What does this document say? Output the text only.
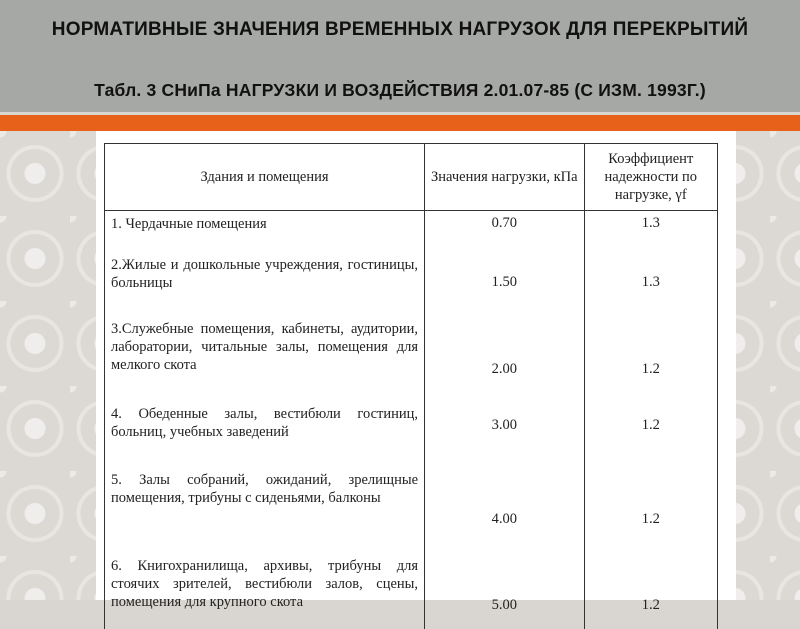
НОРМАТИВНЫЕ ЗНАЧЕНИЯ ВРЕМЕННЫХ НАГРУЗОК ДЛЯ ПЕРЕКРЫТИЙ
Табл. 3 СНиПа НАГРУЗКИ И ВОЗДЕЙСТВИЯ 2.01.07-85 (С ИЗМ. 1993Г.)
Здания и помещения	Значения нагрузки, кПа	Коэффициент надежности по нагрузке, γf
1. Чердачные помещения	0.70	1.3
2.Жилые и дошкольные учреждения, гостиницы, больницы	1.50	1.3
3.Служебные помещения, кабинеты, аудитории, лаборатории, читальные залы, помещения для мелкого скота	2.00	1.2
4. Обеденные залы, вестибюли гостиниц, больниц, учебных заведений	3.00	1.2
5. Залы собраний, ожиданий, зрелищные помещения, трибуны с сиденьями, балконы	4.00	1.2
6. Книгохранилища, архивы, трибуны для стоячих зрителей, вестибюли залов, сцены, помещения для крупного скота	5.00	1.2
